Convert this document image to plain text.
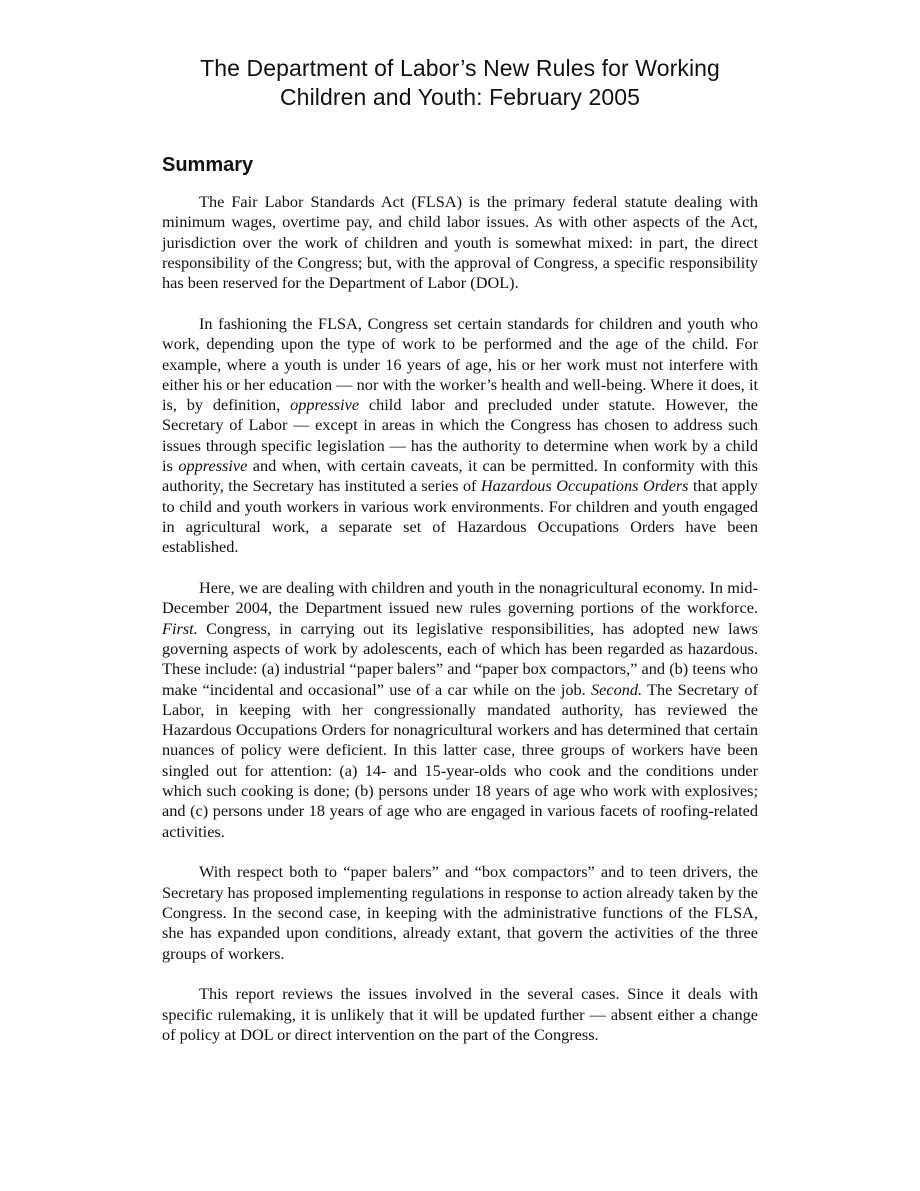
The Department of Labor’s New Rules for Working
Children and Youth: February 2005
Summary

The Fair Labor Standards Act (FLSA) is the primary federal statute dealing with minimum wages, overtime pay, and child labor issues. As with other aspects of the Act, jurisdiction over the work of children and youth is somewhat mixed: in part, the direct responsibility of the Congress; but, with the approval of Congress, a specific responsibility has been reserved for the Department of Labor (DOL).

In fashioning the FLSA, Congress set certain standards for children and youth who work, depending upon the type of work to be performed and the age of the child. For example, where a youth is under 16 years of age, his or her work must not interfere with either his or her education — nor with the worker’s health and well-being. Where it does, it is, by definition, oppressive child labor and precluded under statute. However, the Secretary of Labor — except in areas in which the Congress has chosen to address such issues through specific legislation — has the authority to determine when work by a child is oppressive and when, with certain caveats, it can be permitted. In conformity with this authority, the Secretary has instituted a series of Hazardous Occupations Orders that apply to child and youth workers in various work environments. For children and youth engaged in agricultural work, a separate set of Hazardous Occupations Orders have been established.

Here, we are dealing with children and youth in the nonagricultural economy. In mid-December 2004, the Department issued new rules governing portions of the workforce. First. Congress, in carrying out its legislative responsibilities, has adopted new laws governing aspects of work by adolescents, each of which has been regarded as hazardous. These include: (a) industrial “paper balers” and “paper box compactors,” and (b) teens who make “incidental and occasional” use of a car while on the job. Second. The Secretary of Labor, in keeping with her congressionally mandated authority, has reviewed the Hazardous Occupations Orders for nonagricultural workers and has determined that certain nuances of policy were deficient. In this latter case, three groups of workers have been singled out for attention: (a) 14- and 15-year-olds who cook and the conditions under which such cooking is done; (b) persons under 18 years of age who work with explosives; and (c) persons under 18 years of age who are engaged in various facets of roofing-related activities.

With respect both to “paper balers” and “box compactors” and to teen drivers, the Secretary has proposed implementing regulations in response to action already taken by the Congress. In the second case, in keeping with the administrative functions of the FLSA, she has expanded upon conditions, already extant, that govern the activities of the three groups of workers.

This report reviews the issues involved in the several cases. Since it deals with specific rulemaking, it is unlikely that it will be updated further — absent either a change of policy at DOL or direct intervention on the part of the Congress.
